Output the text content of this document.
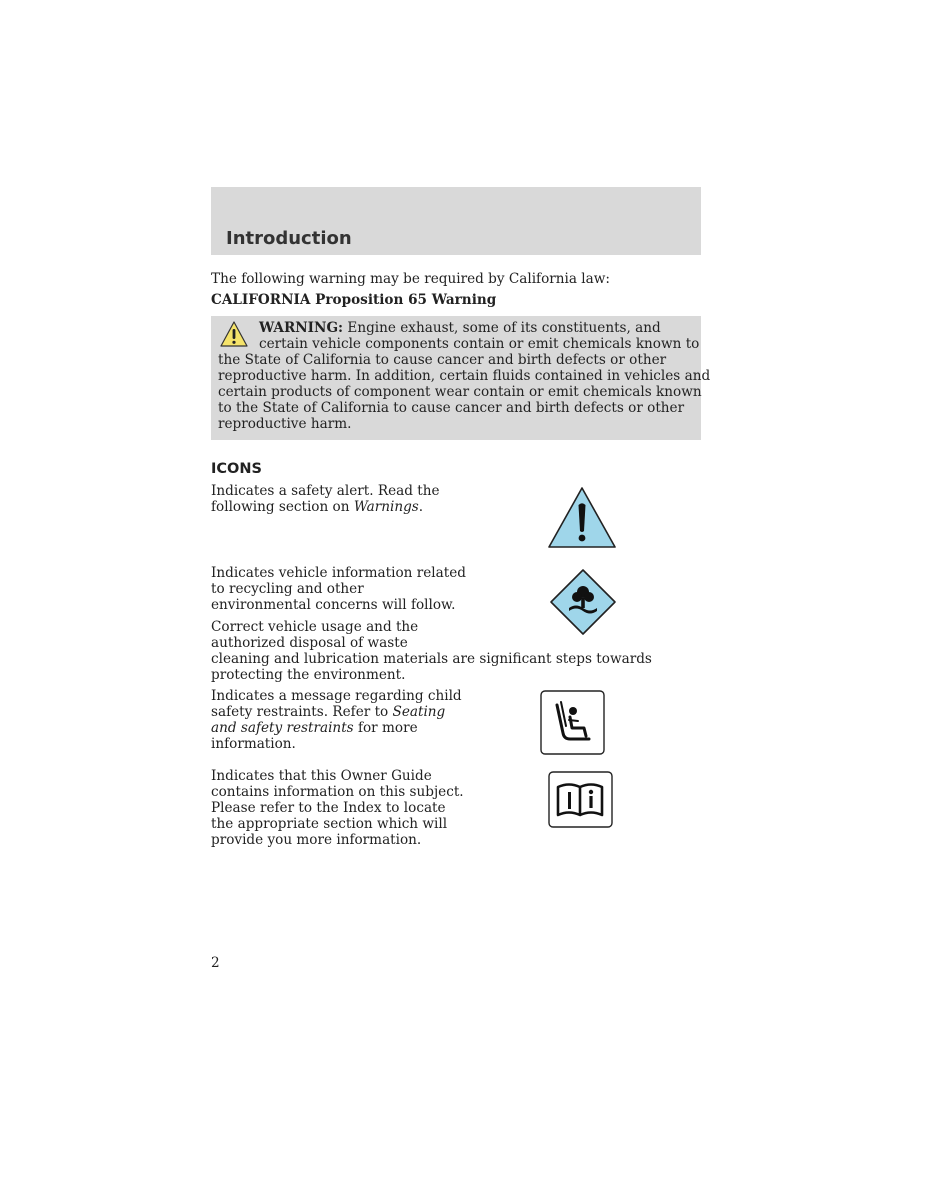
Introduction
The following warning may be required by California law:
CALIFORNIA Proposition 65 Warning
WARNING: Engine exhaust, some of its constituents, and
certain vehicle components contain or emit chemicals known to
the State of California to cause cancer and birth defects or other
reproductive harm. In addition, certain fluids contained in vehicles and
certain products of component wear contain or emit chemicals known
to the State of California to cause cancer and birth defects or other
reproductive harm.
ICONS
Indicates a safety alert. Read the
following section on Warnings.
Indicates vehicle information related
to recycling and other
environmental concerns will follow.
Correct vehicle usage and the
authorized disposal of waste
cleaning and lubrication materials are significant steps towards
protecting the environment.
Indicates a message regarding child
safety restraints. Refer to Seating
and safety restraints for more
information.
Indicates that this Owner Guide
contains information on this subject.
Please refer to the Index to locate
the appropriate section which will
provide you more information.
2
